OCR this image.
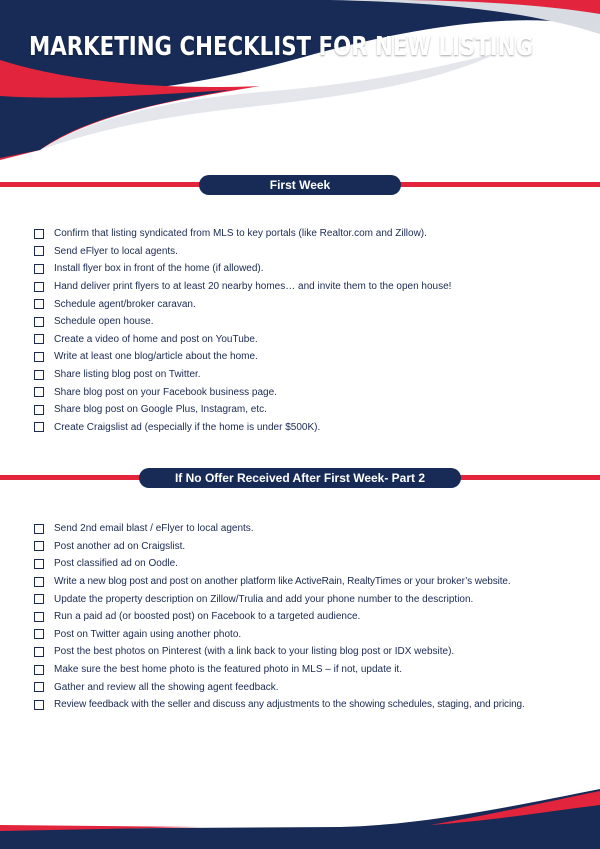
MARKETING CHECKLIST FOR NEW LISTING
First Week
Confirm that listing syndicated from MLS to key portals (like Realtor.com and Zillow).
Send eFlyer to local agents.
Install flyer box in front of the home (if allowed).
Hand deliver print flyers to at least 20 nearby homes… and invite them to the open house!
Schedule agent/broker caravan.
Schedule open house.
Create a video of home and post on YouTube.
Write at least one blog/article about the home.
Share listing blog post on Twitter.
Share blog post on your Facebook business page.
Share blog post on Google Plus, Instagram, etc.
Create Craigslist ad (especially if the home is under $500K).
If No Offer Received After First Week- Part 2
Send 2nd email blast / eFlyer to local agents.
Post another ad on Craigslist.
Post classified ad on Oodle.
Write a new blog post and post on another platform like ActiveRain, RealtyTimes or your broker’s website.
Update the property description on Zillow/Trulia and add your phone number to the description.
Run a paid ad (or boosted post) on Facebook to a targeted audience.
Post on Twitter again using another photo.
Post the best photos on Pinterest (with a link back to your listing blog post or IDX website).
Make sure the best home photo is the featured photo in MLS – if not, update it.
Gather and review all the showing agent feedback.
Review feedback with the seller and discuss any adjustments to the showing schedules, staging, and pricing.
